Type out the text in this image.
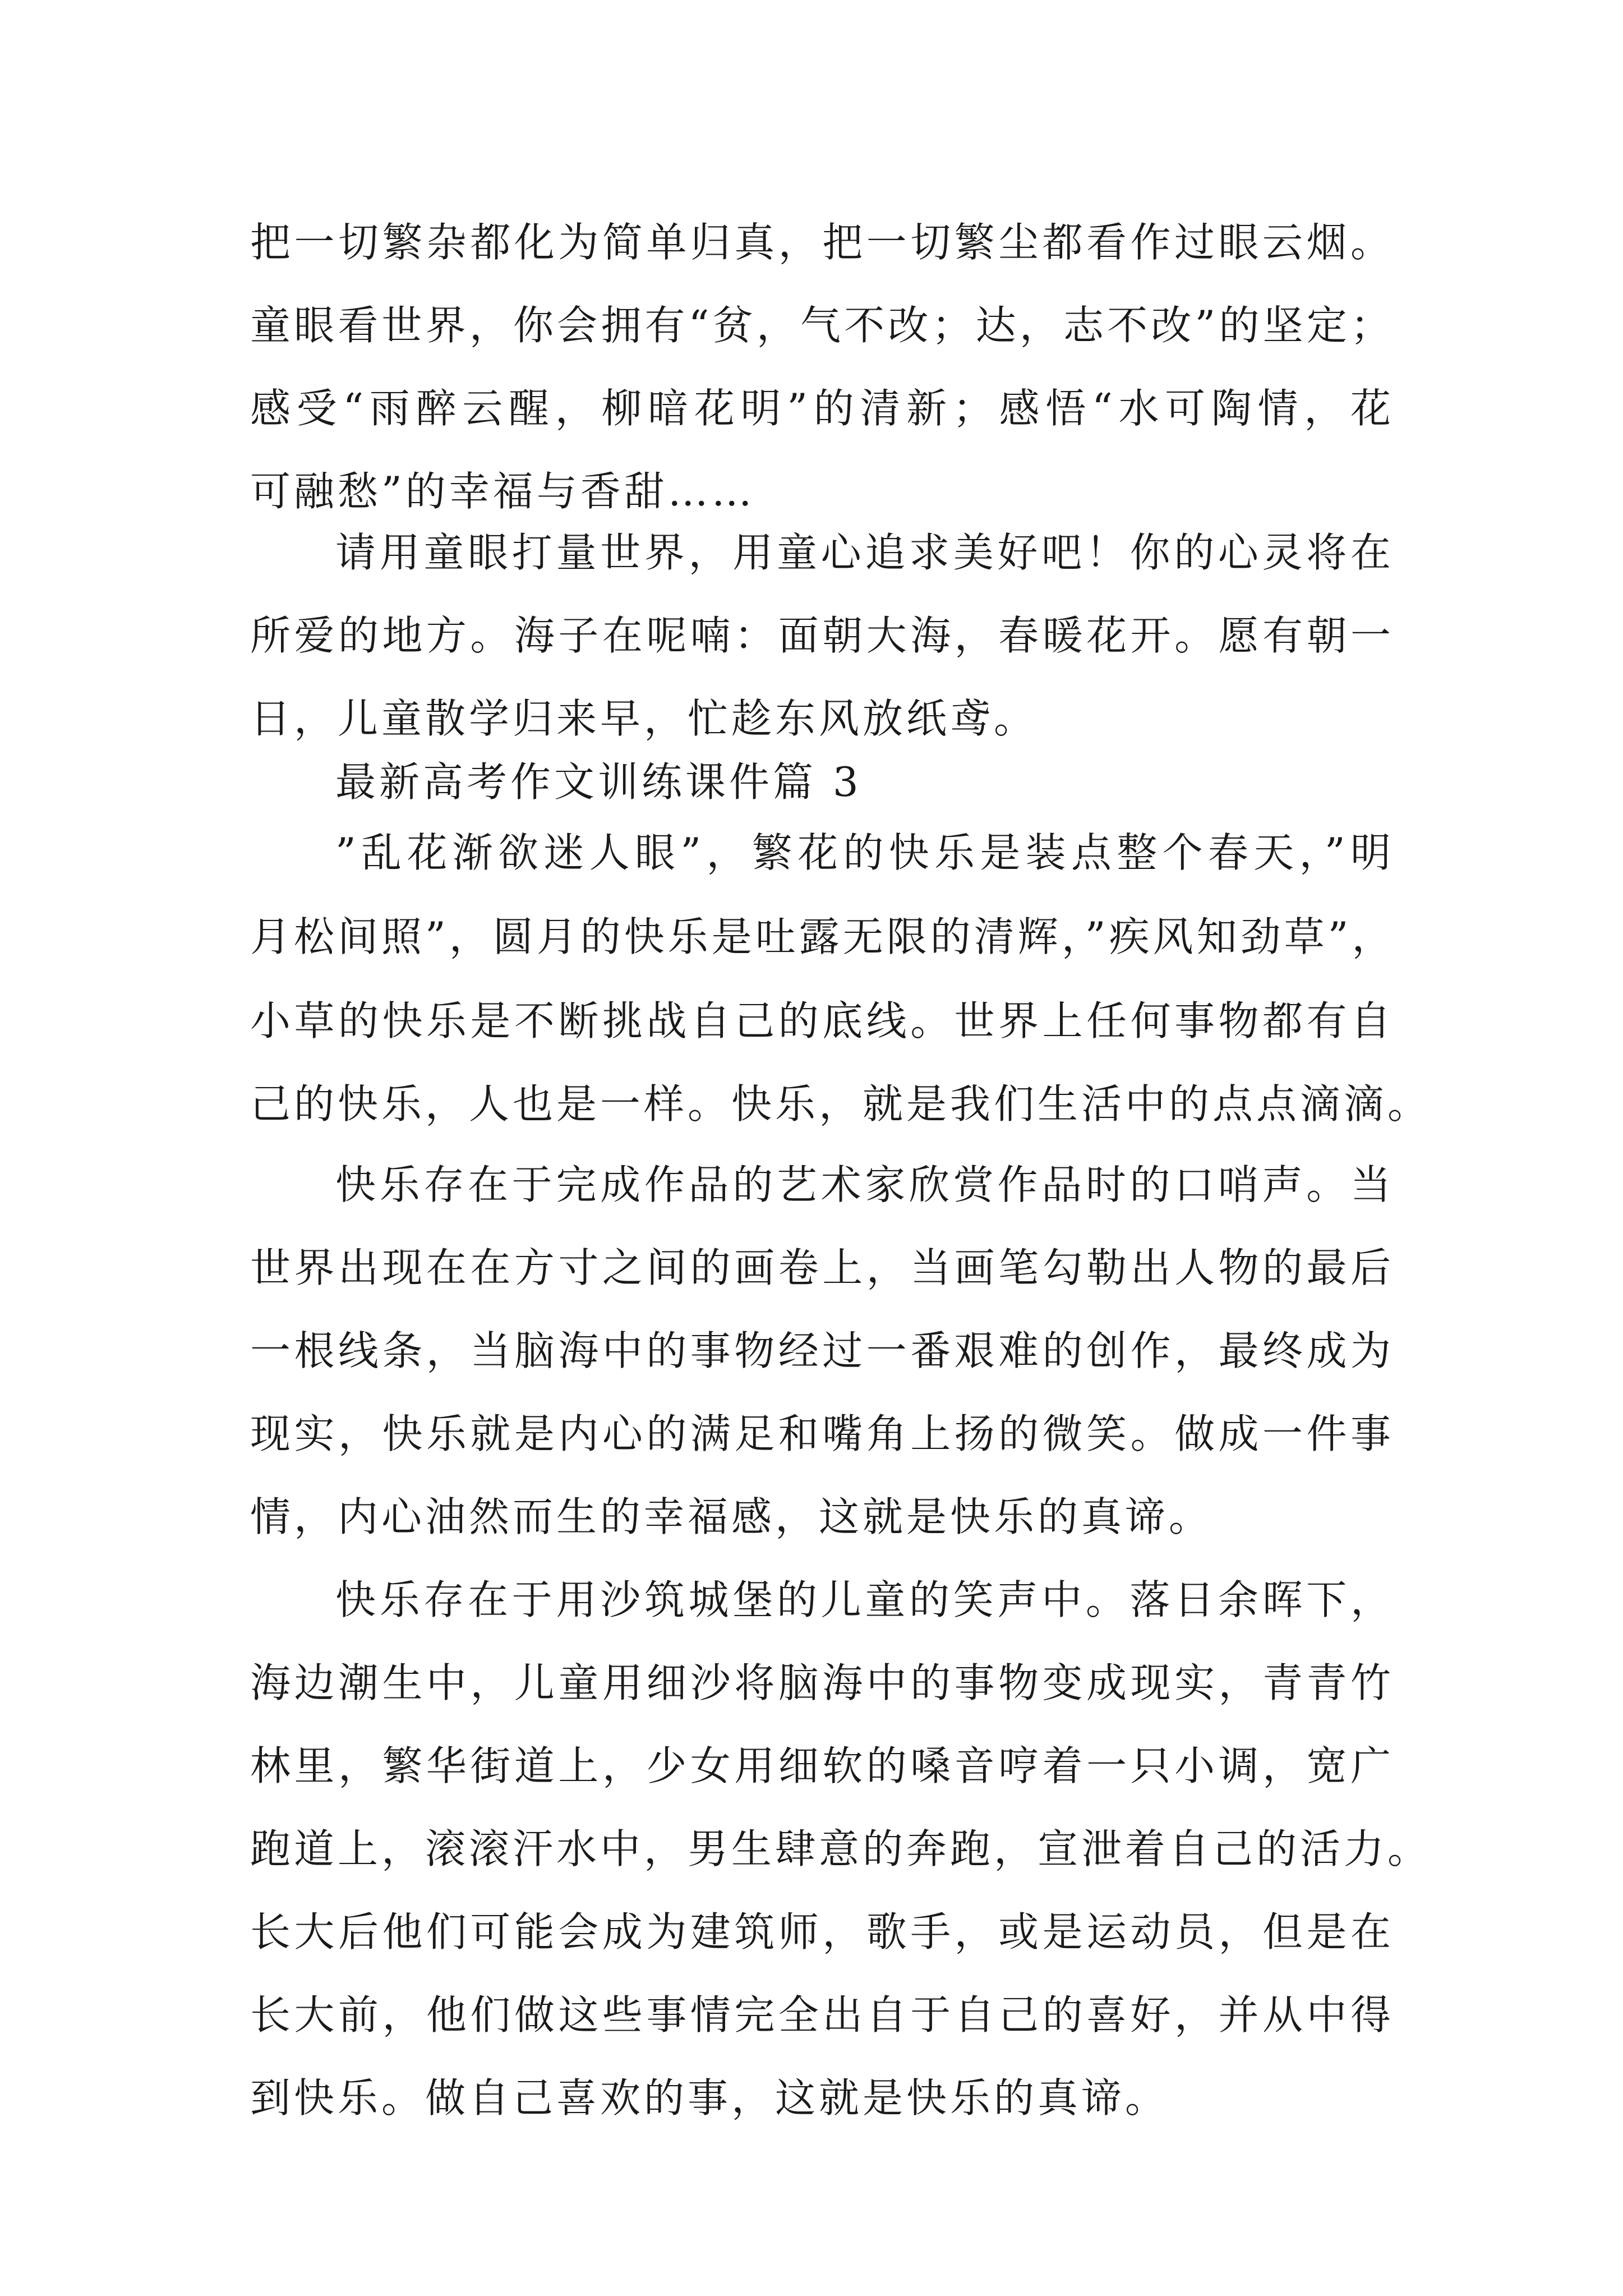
把一切繁杂都化为简单归真，把一切繁尘都看作过眼云烟。
童眼看世界，你会拥有“贫，气不改；达，志不改”的坚定；
感受“雨醉云醒，柳暗花明”的清新；感悟“水可陶情，花
可融愁”的幸福与香甜……
请用童眼打量世界，用童心追求美好吧！你的心灵将在
所爱的地方。海子在呢喃：面朝大海，春暖花开。愿有朝一
日，儿童散学归来早，忙趁东风放纸鸢。
最新高考作文训练课件篇 3
”乱花渐欲迷人眼”，繁花的快乐是装点整个春天，”明
月松间照”，圆月的快乐是吐露无限的清辉，”疾风知劲草”，
小草的快乐是不断挑战自己的底线。世界上任何事物都有自
己的快乐，人也是一样。快乐，就是我们生活中的点点滴滴。
快乐存在于完成作品的艺术家欣赏作品时的口哨声。当
世界出现在在方寸之间的画卷上，当画笔勾勒出人物的最后
一根线条，当脑海中的事物经过一番艰难的创作，最终成为
现实，快乐就是内心的满足和嘴角上扬的微笑。做成一件事
情，内心油然而生的幸福感，这就是快乐的真谛。
快乐存在于用沙筑城堡的儿童的笑声中。落日余晖下，
海边潮生中，儿童用细沙将脑海中的事物变成现实，青青竹
林里，繁华街道上，少女用细软的嗓音哼着一只小调，宽广
跑道上，滚滚汗水中，男生肆意的奔跑，宣泄着自己的活力。
长大后他们可能会成为建筑师，歌手，或是运动员，但是在
长大前，他们做这些事情完全出自于自己的喜好，并从中得
到快乐。做自己喜欢的事，这就是快乐的真谛。
